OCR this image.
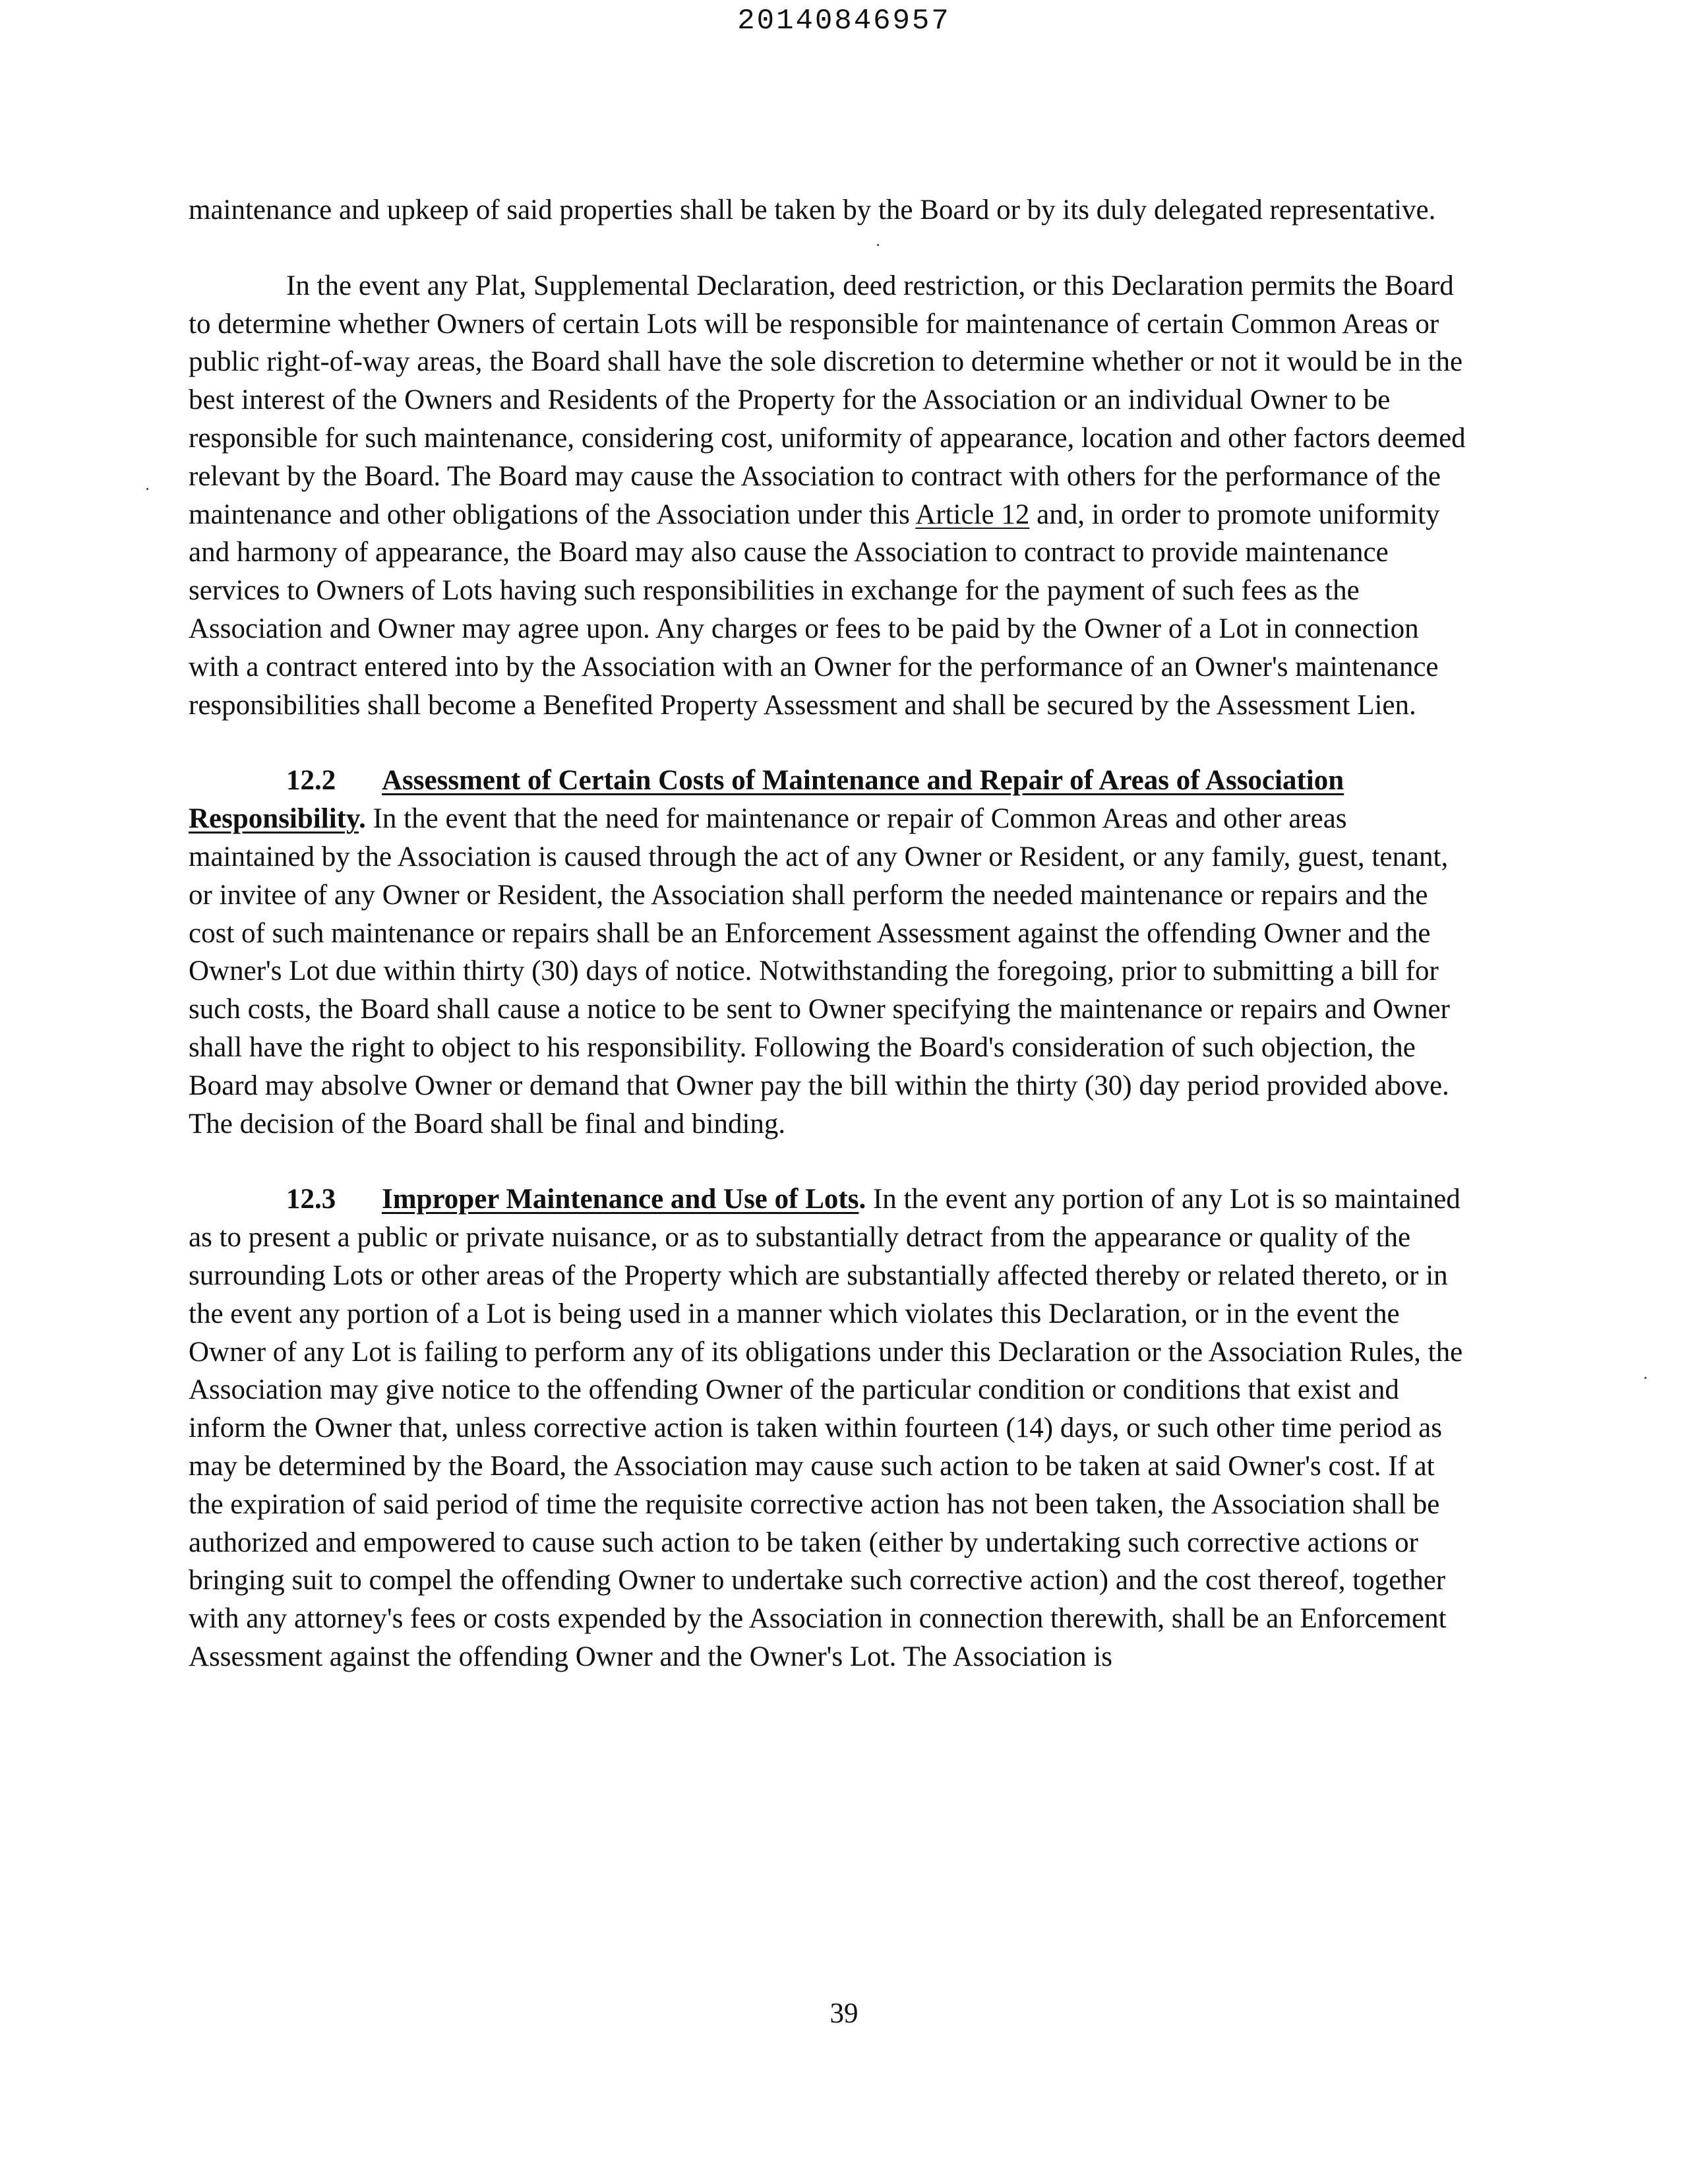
20140846957

maintenance and upkeep of said properties shall be taken by the Board or by its duly delegated representative.

In the event any Plat, Supplemental Declaration, deed restriction, or this Declaration permits the Board to determine whether Owners of certain Lots will be responsible for maintenance of certain Common Areas or public right-of-way areas, the Board shall have the sole discretion to determine whether or not it would be in the best interest of the Owners and Residents of the Property for the Association or an individual Owner to be responsible for such maintenance, considering cost, uniformity of appearance, location and other factors deemed relevant by the Board. The Board may cause the Association to contract with others for the performance of the maintenance and other obligations of the Association under this Article 12 and, in order to promote uniformity and harmony of appearance, the Board may also cause the Association to contract to provide maintenance services to Owners of Lots having such responsibilities in exchange for the payment of such fees as the Association and Owner may agree upon. Any charges or fees to be paid by the Owner of a Lot in connection with a contract entered into by the Association with an Owner for the performance of an Owner's maintenance responsibilities shall become a Benefited Property Assessment and shall be secured by the Assessment Lien.

12.2 Assessment of Certain Costs of Maintenance and Repair of Areas of Association Responsibility. In the event that the need for maintenance or repair of Common Areas and other areas maintained by the Association is caused through the act of any Owner or Resident, or any family, guest, tenant, or invitee of any Owner or Resident, the Association shall perform the needed maintenance or repairs and the cost of such maintenance or repairs shall be an Enforcement Assessment against the offending Owner and the Owner's Lot due within thirty (30) days of notice. Notwithstanding the foregoing, prior to submitting a bill for such costs, the Board shall cause a notice to be sent to Owner specifying the maintenance or repairs and Owner shall have the right to object to his responsibility. Following the Board's consideration of such objection, the Board may absolve Owner or demand that Owner pay the bill within the thirty (30) day period provided above. The decision of the Board shall be final and binding.

12.3 Improper Maintenance and Use of Lots. In the event any portion of any Lot is so maintained as to present a public or private nuisance, or as to substantially detract from the appearance or quality of the surrounding Lots or other areas of the Property which are substantially affected thereby or related thereto, or in the event any portion of a Lot is being used in a manner which violates this Declaration, or in the event the Owner of any Lot is failing to perform any of its obligations under this Declaration or the Association Rules, the Association may give notice to the offending Owner of the particular condition or conditions that exist and inform the Owner that, unless corrective action is taken within fourteen (14) days, or such other time period as may be determined by the Board, the Association may cause such action to be taken at said Owner's cost. If at the expiration of said period of time the requisite corrective action has not been taken, the Association shall be authorized and empowered to cause such action to be taken (either by undertaking such corrective actions or bringing suit to compel the offending Owner to undertake such corrective action) and the cost thereof, together with any attorney's fees or costs expended by the Association in connection therewith, shall be an Enforcement Assessment against the offending Owner and the Owner's Lot. The Association is

39
